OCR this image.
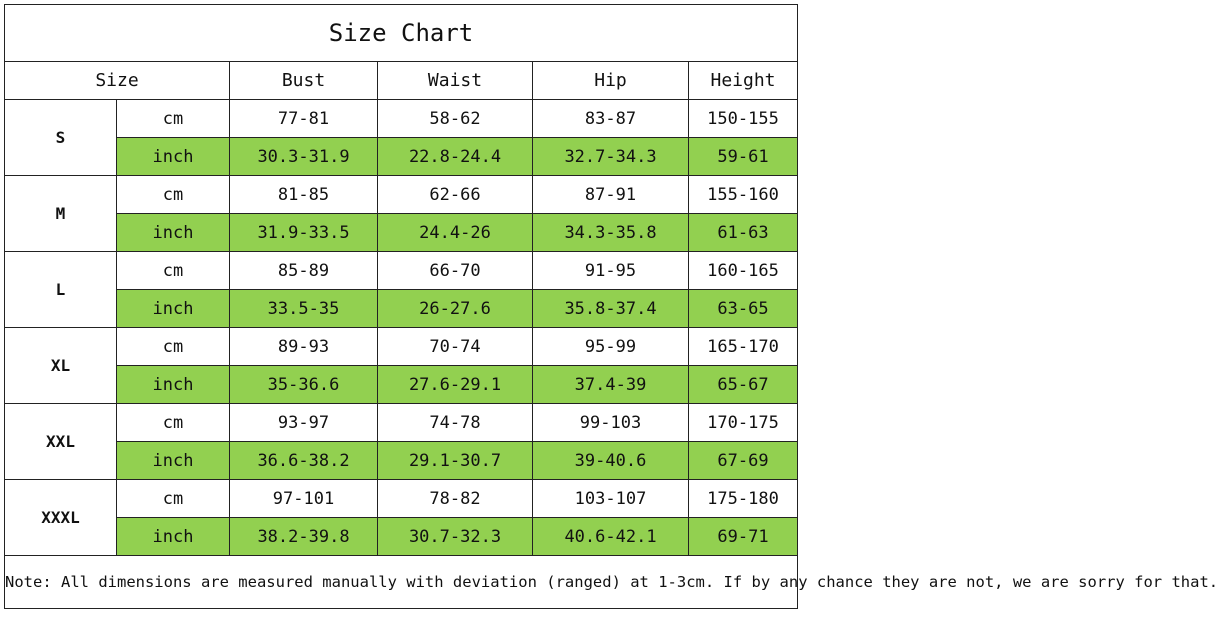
Size Chart					
Size		Bust	Waist	Hip	Height
S	cm	77-81	58-62	83-87	150-155
	inch	30.3-31.9	22.8-24.4	32.7-34.3	59-61
M	cm	81-85	62-66	87-91	155-160
	inch	31.9-33.5	24.4-26	34.3-35.8	61-63
L	cm	85-89	66-70	91-95	160-165
	inch	33.5-35	26-27.6	35.8-37.4	63-65
XL	cm	89-93	70-74	95-99	165-170
	inch	35-36.6	27.6-29.1	37.4-39	65-67
XXL	cm	93-97	74-78	99-103	170-175
	inch	36.6-38.2	29.1-30.7	39-40.6	67-69
XXXL	cm	97-101	78-82	103-107	175-180
	inch	38.2-39.8	30.7-32.3	40.6-42.1	69-71
Note: All dimensions are measured manually with deviation (ranged) at 1-3cm. If by any chance they are not, we are sorry for that.					
